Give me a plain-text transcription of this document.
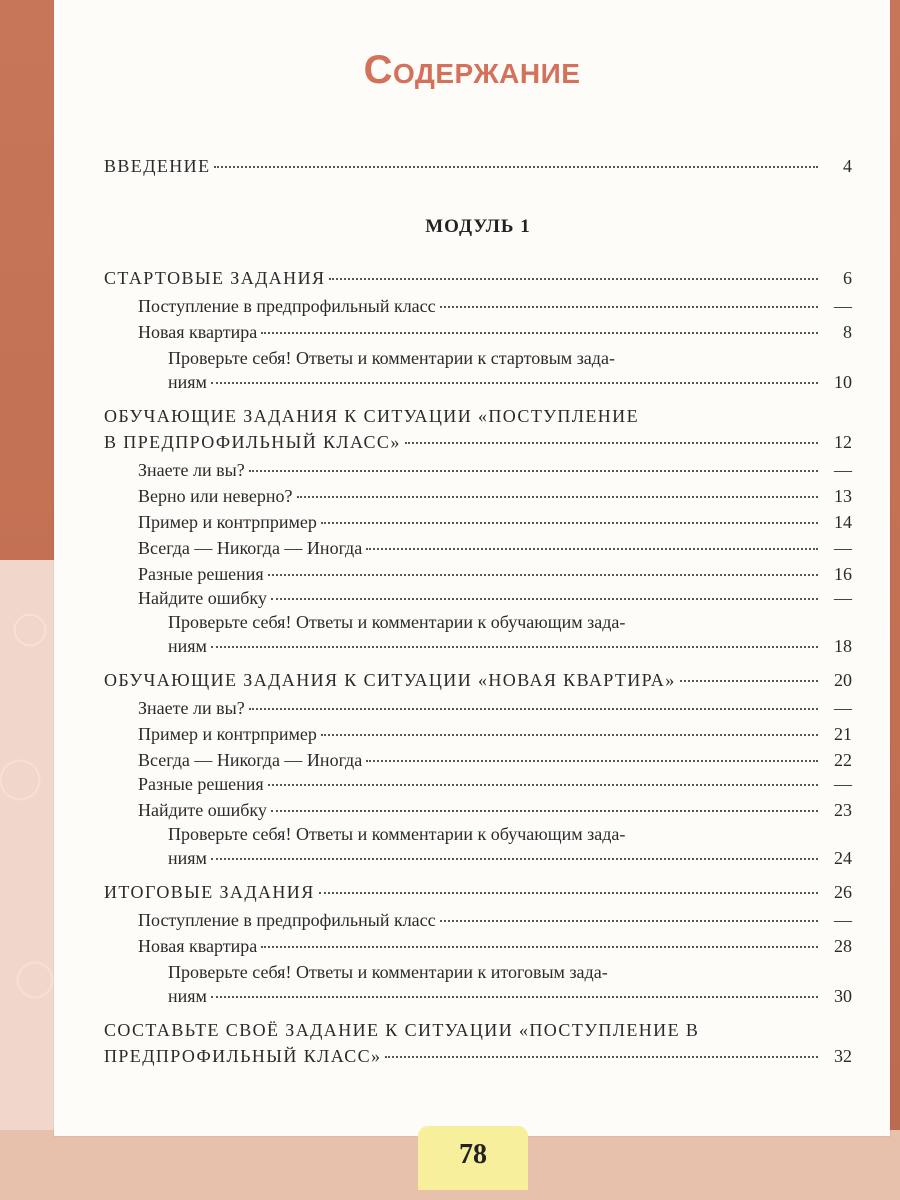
Содержание
ВВЕДЕНИЕ	4
МОДУЛЬ 1
СТАРТОВЫЕ ЗАДАНИЯ	6
Поступление в предпрофильный класс	—
Новая квартира	8
Проверьте себя! Ответы и комментарии к стартовым зада-
ниям	10
ОБУЧАЮЩИЕ ЗАДАНИЯ К СИТУАЦИИ «ПОСТУПЛЕНИЕ
В ПРЕДПРОФИЛЬНЫЙ КЛАСС»	12
Знаете ли вы?	—
Верно или неверно?	13
Пример и контрпример	14
Всегда — Никогда — Иногда	—
Разные решения	16
Найдите ошибку	—
Проверьте себя! Ответы и комментарии к обучающим зада-
ниям	18
ОБУЧАЮЩИЕ ЗАДАНИЯ К СИТУАЦИИ «НОВАЯ КВАРТИРА»	20
Знаете ли вы?	—
Пример и контрпример	21
Всегда — Никогда — Иногда	22
Разные решения	—
Найдите ошибку	23
Проверьте себя! Ответы и комментарии к обучающим зада-
ниям	24
ИТОГОВЫЕ ЗАДАНИЯ	26
Поступление в предпрофильный класс	—
Новая квартира	28
Проверьте себя! Ответы и комментарии к итоговым зада-
ниям	30
СОСТАВЬТЕ СВОЁ ЗАДАНИЕ К СИТУАЦИИ «ПОСТУПЛЕНИЕ В
ПРЕДПРОФИЛЬНЫЙ КЛАСС»	32
78
